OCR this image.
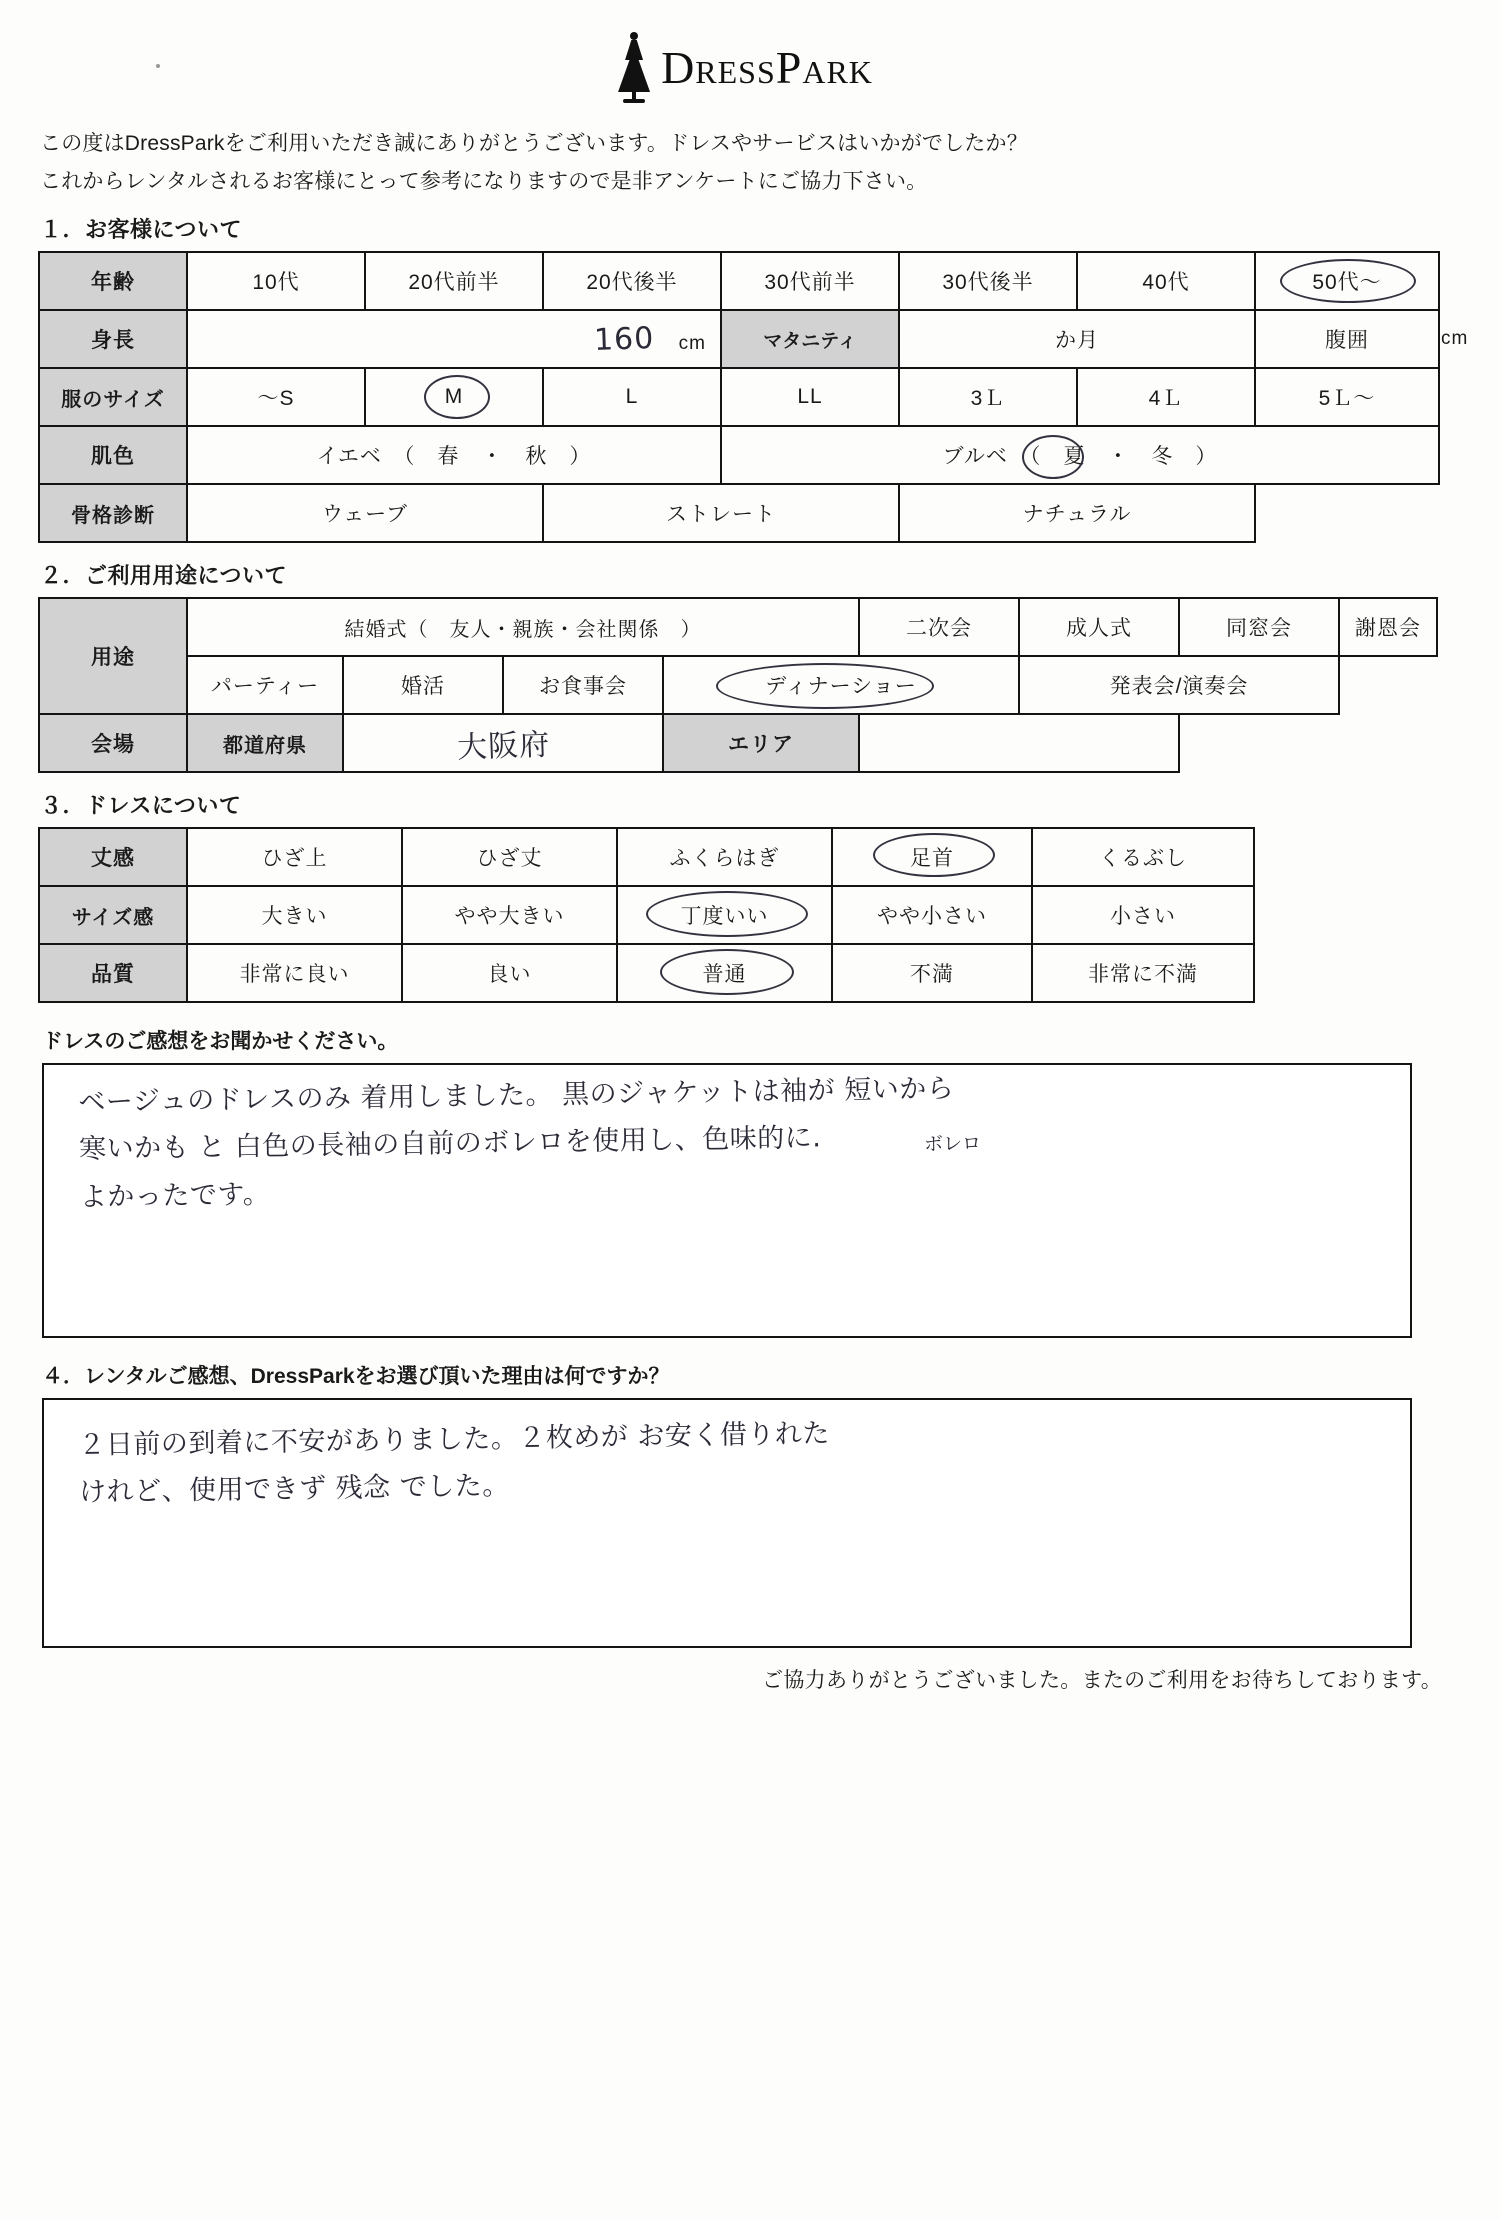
DressPark
この度はDressParkをご利用いただき誠にありがとうございます。ドレスやサービスはいかがでしたか？
これからレンタルされるお客様にとって参考になりますので是非アンケートにご協力下さい。
１．お客様について
年齢	10代	20代前半	20代後半	30代前半	30代後半	40代	50代〜	

身長	160 cm			マタニティ	か月		腹囲	cm
服のサイズ	〜S	M	L	LL	3Ｌ	4Ｌ	5Ｌ〜	
肌色	イエベ　（　春　・　秋　）			ブルベ　（　夏　・　冬　）				

骨格診断	ウェーブ		ストレート		ナチュラル			
２．ご利用用途について
用途	結婚式（　友人・親族・会社関係　）				二次会	成人式	同窓会	謝恩会
	パーティー	婚活	お食事会	ディナーショー		発表会/演奏会		
会場	都道府県	大阪府		エリア				
３．ドレスについて
丈感	ひざ上	ひざ丈	ふくらはぎ	足首	くるぶし
サイズ感	大きい	やや大きい	丁度いい	やや小さい	小さい
品質	非常に良い	良い	普通	不満	非常に不満
ドレスのご感想をお聞かせください。
ベージュのドレスのみ 着用しました。 黒のジャケットは袖が 短いから
寒いかも と 白色の長袖の自前のボレロを使用し、色味的に.
よかったです。
ボレロ
４．レンタルご感想、DressParkをお選び頂いた理由は何ですか？
２日前の到着に不安がありました。２枚めが お安く借りれた
けれど、使用できず 残念 でした。
ご協力ありがとうございました。またのご利用をお待ちしております。
